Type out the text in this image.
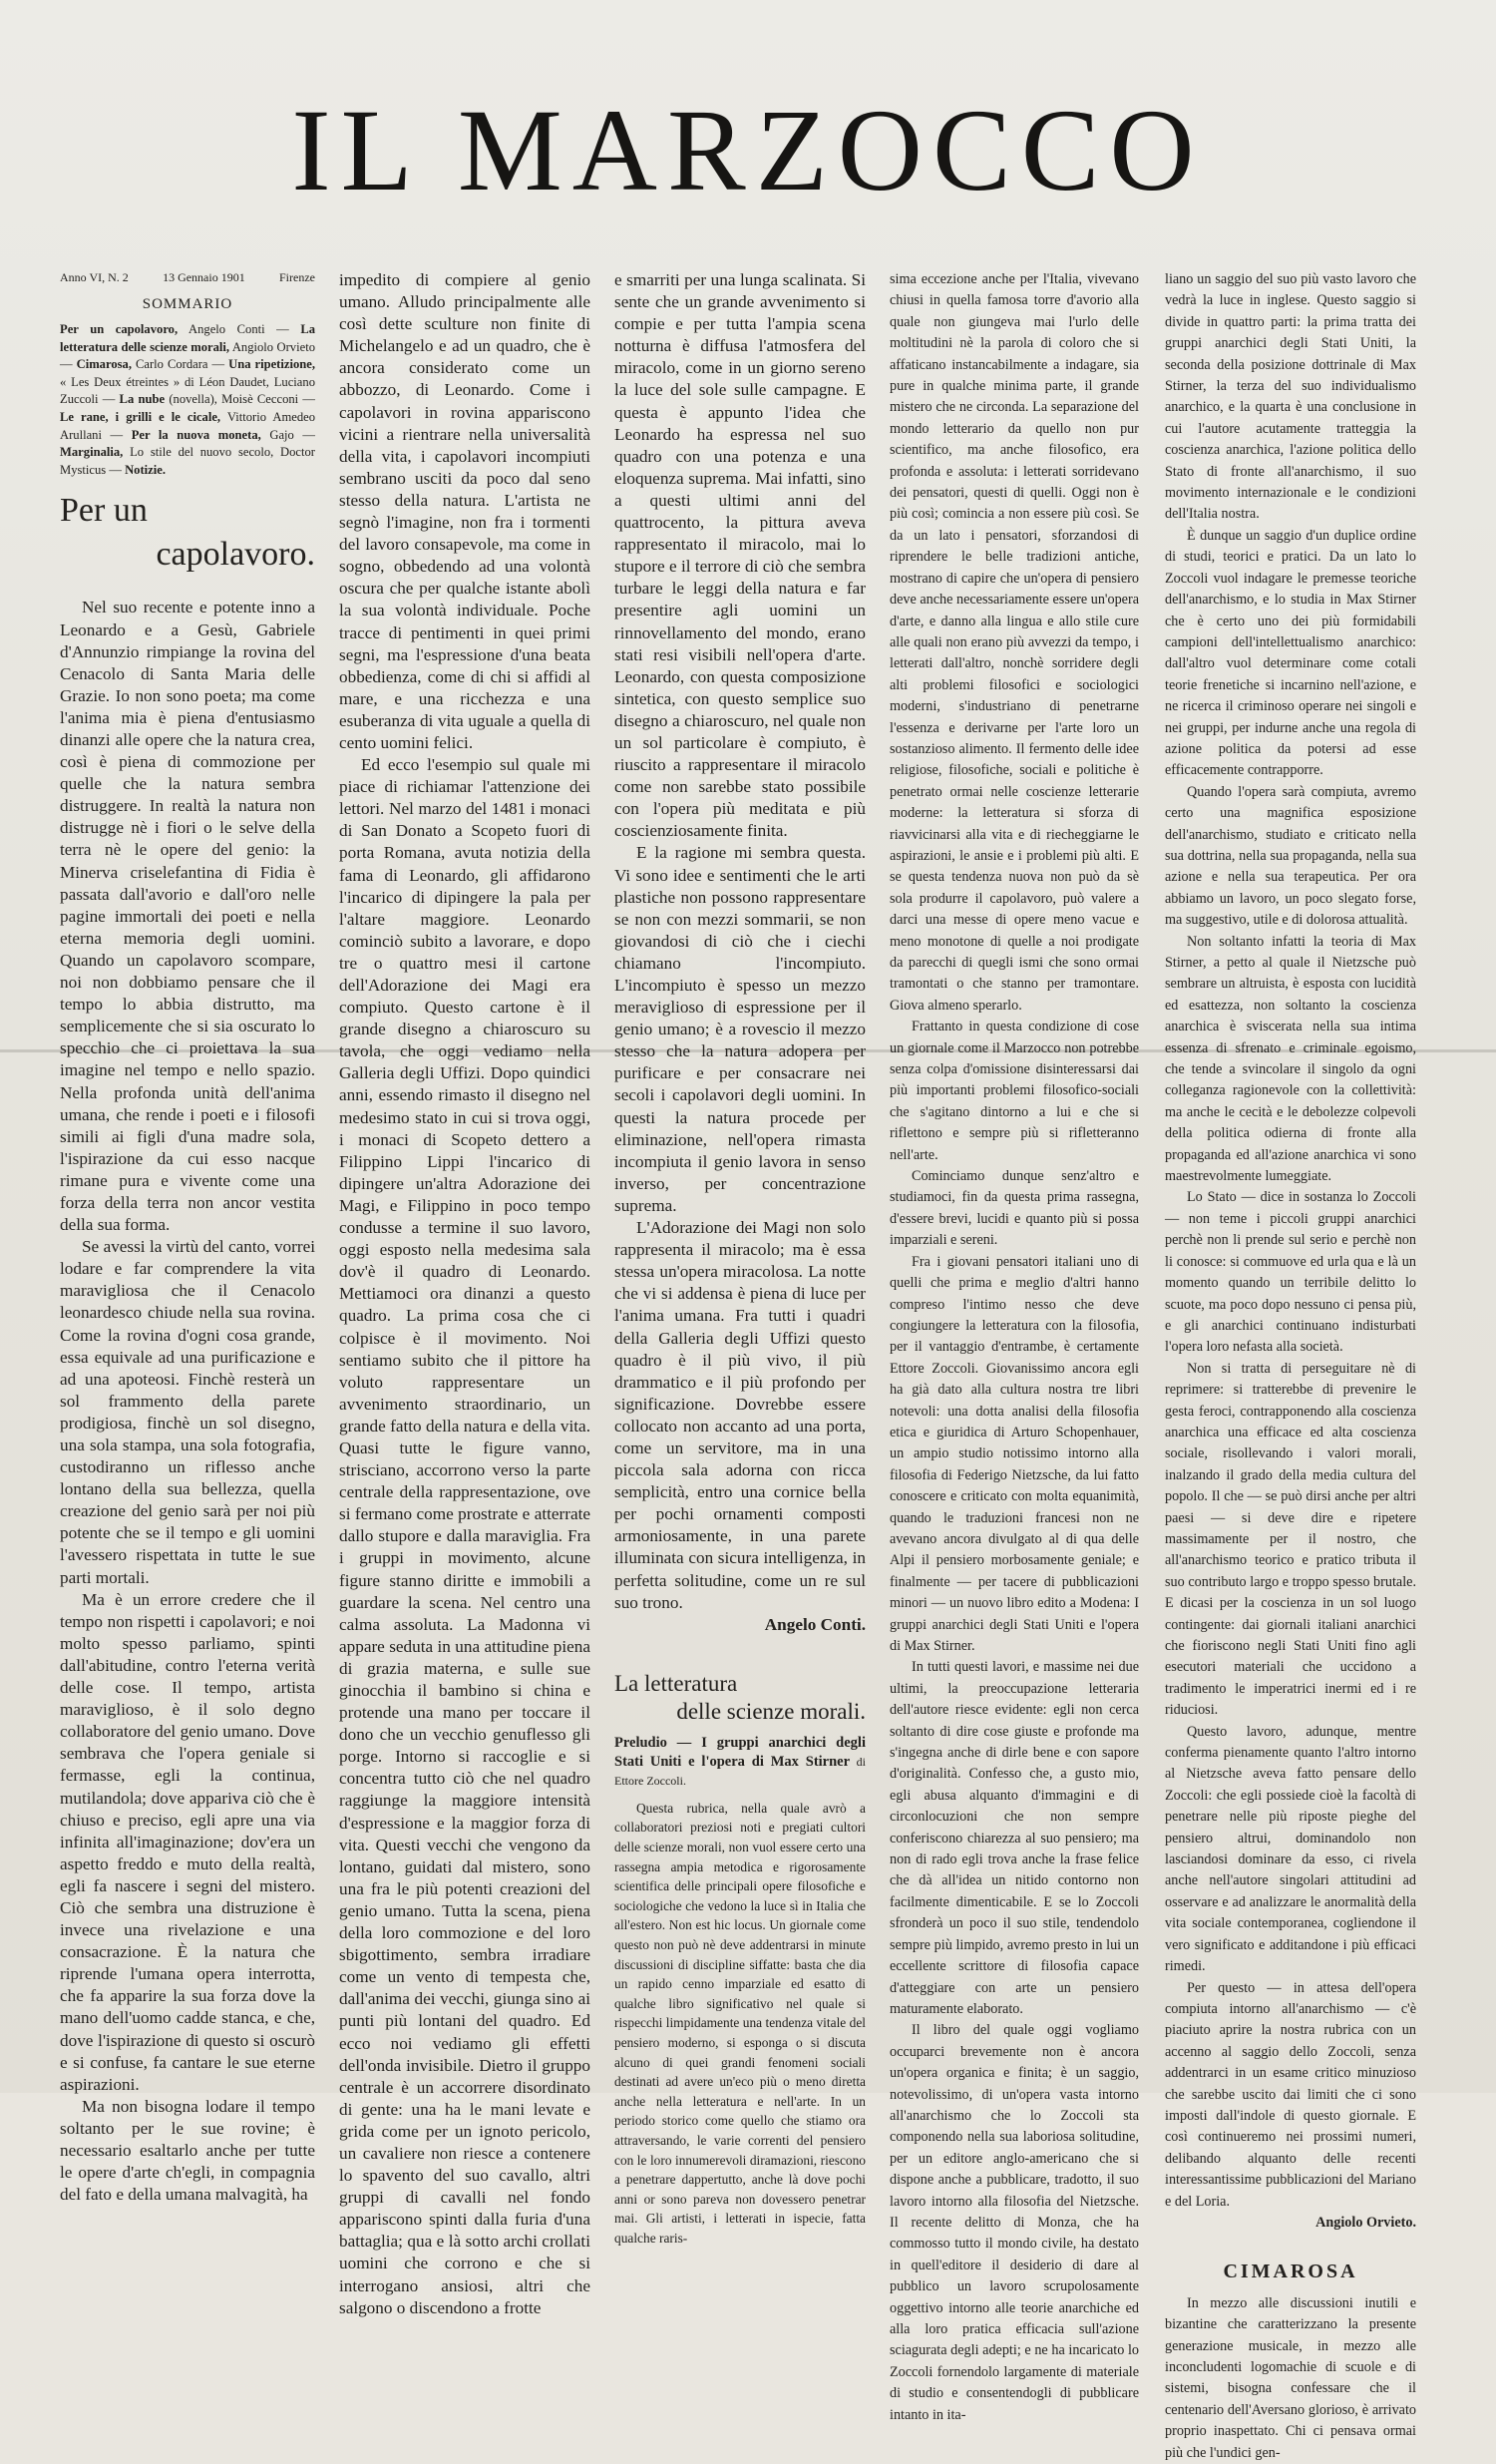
IL MARZOCCO
Anno VI, N. 2	13 Gennaio 1901	Firenze
SOMMARIO
Per un capolavoro, Angelo Conti — La letteratura delle scienze morali, Angiolo Orvieto — Cimarosa, Carlo Cordara — Una ripetizione, « Les Deux étreintes » di Léon Daudet, Luciano Zuccoli — La nube (novella), Moisè Cecconi — Le rane, i grilli e le cicale, Vittorio Amedeo Arullani — Per la nuova moneta, Gajo — Marginalia, Lo stile del nuovo secolo, Doctor Mysticus — Notizie.
Per un
capolavoro.

Nel suo recente e potente inno a Leonardo e a Gesù, Gabriele d'Annunzio rimpiange la rovina del Cenacolo di Santa Maria delle Grazie. Io non sono poeta; ma come l'anima mia è piena d'entusiasmo dinanzi alle opere che la natura crea, così è piena di commozione per quelle che la natura sembra distruggere. In realtà la natura non distrugge nè i fiori o le selve della terra nè le opere del genio: la Minerva criselefantina di Fidia è passata dall'avorio e dall'oro nelle pagine immortali dei poeti e nella eterna memoria degli uomini. Quando un capolavoro scompare, noi non dobbiamo pensare che il tempo lo abbia distrutto, ma semplicemente che si sia oscurato lo specchio che ci proiettava la sua imagine nel tempo e nello spazio. Nella profonda unità dell'anima umana, che rende i poeti e i filosofi simili ai figli d'una madre sola, l'ispirazione da cui esso nacque rimane pura e vivente come una forza della terra non ancor vestita della sua forma.

Se avessi la virtù del canto, vorrei lodare e far comprendere la vita maravigliosa che il Cenacolo leonardesco chiude nella sua rovina. Come la rovina d'ogni cosa grande, essa equivale ad una purificazione e ad una apoteosi. Finchè resterà un sol frammento della parete prodigiosa, finchè un sol disegno, una sola stampa, una sola fotografia, custodiranno un riflesso anche lontano della sua bellezza, quella creazione del genio sarà per noi più potente che se il tempo e gli uomini l'avessero rispettata in tutte le sue parti mortali.

Ma è un errore credere che il tempo non rispetti i capolavori; e noi molto spesso parliamo, spinti dall'abitudine, contro l'eterna verità delle cose. Il tempo, artista maraviglioso, è il solo degno collaboratore del genio umano. Dove sembrava che l'opera geniale si fermasse, egli la continua, mutilandola; dove appariva ciò che è chiuso e preciso, egli apre una via infinita all'imaginazione; dov'era un aspetto freddo e muto della realtà, egli fa nascere i segni del mistero. Ciò che sembra una distruzione è invece una rivelazione e una consacrazione. È la natura che riprende l'umana opera interrotta, che fa apparire la sua forza dove la mano dell'uomo cadde stanca, e che, dove l'ispirazione di questo si oscurò e si confuse, fa cantare le sue eterne aspirazioni.

Ma non bisogna lodare il tempo soltanto per le sue rovine; è necessario esaltarlo anche per tutte le opere d'arte ch'egli, in compagnia del fato e della umana malvagità, ha

impedito di compiere al genio umano. Alludo principalmente alle così dette sculture non finite di Michelangelo e ad un quadro, che è ancora considerato come un abbozzo, di Leonardo. Come i capolavori in rovina appariscono vicini a rientrare nella universalità della vita, i capolavori incompiuti sembrano usciti da poco dal seno stesso della natura. L'artista ne segnò l'imagine, non fra i tormenti del lavoro consapevole, ma come in sogno, obbedendo ad una volontà oscura che per qualche istante abolì la sua volontà individuale. Poche tracce di pentimenti in quei primi segni, ma l'espressione d'una beata obbedienza, come di chi si affidi al mare, e una ricchezza e una esuberanza di vita uguale a quella di cento uomini felici.

Ed ecco l'esempio sul quale mi piace di richiamar l'attenzione dei lettori. Nel marzo del 1481 i monaci di San Donato a Scopeto fuori di porta Romana, avuta notizia della fama di Leonardo, gli affidarono l'incarico di dipingere la pala per l'altare maggiore. Leonardo cominciò subito a lavorare, e dopo tre o quattro mesi il cartone dell'Adorazione dei Magi era compiuto. Questo cartone è il grande disegno a chiaroscuro su tavola, che oggi vediamo nella Galleria degli Uffizi. Dopo quindici anni, essendo rimasto il disegno nel medesimo stato in cui si trova oggi, i monaci di Scopeto dettero a Filippino Lippi l'incarico di dipingere un'altra Adorazione dei Magi, e Filippino in poco tempo condusse a termine il suo lavoro, oggi esposto nella medesima sala dov'è il quadro di Leonardo. Mettiamoci ora dinanzi a questo quadro. La prima cosa che ci colpisce è il movimento. Noi sentiamo subito che il pittore ha voluto rappresentare un avvenimento straordinario, un grande fatto della natura e della vita. Quasi tutte le figure vanno, strisciano, accorrono verso la parte centrale della rappresentazione, ove si fermano come prostrate e atterrate dallo stupore e dalla maraviglia. Fra i gruppi in movimento, alcune figure stanno diritte e immobili a guardare la scena. Nel centro una calma assoluta. La Madonna vi appare seduta in una attitudine piena di grazia materna, e sulle sue ginocchia il bambino si china e protende una mano per toccare il dono che un vecchio genuflesso gli porge. Intorno si raccoglie e si concentra tutto ciò che nel quadro raggiunge la maggiore intensità d'espressione e la maggior forza di vita. Questi vecchi che vengono da lontano, guidati dal mistero, sono una fra le più potenti creazioni del genio umano. Tutta la scena, piena della loro commozione e del loro sbigottimento, sembra irradiare come un vento di tempesta che, dall'anima dei vecchi, giunga sino ai punti più lontani del quadro. Ed ecco noi vediamo gli effetti dell'onda invisibile. Dietro il gruppo centrale è un accorrere disordinato di gente: una ha le mani levate e grida come per un ignoto pericolo, un cavaliere non riesce a contenere lo spavento del suo cavallo, altri gruppi di cavalli nel fondo appariscono spinti dalla furia d'una battaglia; qua e là sotto archi crollati uomini che corrono e che si interrogano ansiosi, altri che salgono o discendono a frotte

e smarriti per una lunga scalinata. Si sente che un grande avvenimento si compie e per tutta l'ampia scena notturna è diffusa l'atmosfera del miracolo, come in un giorno sereno la luce del sole sulle campagne. E questa è appunto l'idea che Leonardo ha espressa nel suo quadro con una potenza e una eloquenza suprema. Mai infatti, sino a questi ultimi anni del quattrocento, la pittura aveva rappresentato il miracolo, mai lo stupore e il terrore di ciò che sembra turbare le leggi della natura e far presentire agli uomini un rinnovellamento del mondo, erano stati resi visibili nell'opera d'arte. Leonardo, con questa composizione sintetica, con questo semplice suo disegno a chiaroscuro, nel quale non un sol particolare è compiuto, è riuscito a rappresentare il miracolo come non sarebbe stato possibile con l'opera più meditata e più coscienziosamente finita.

E la ragione mi sembra questa. Vi sono idee e sentimenti che le arti plastiche non possono rappresentare se non con mezzi sommarii, se non giovandosi di ciò che i ciechi chiamano l'incompiuto. L'incompiuto è spesso un mezzo meraviglioso di espressione per il genio umano; è a rovescio il mezzo stesso che la natura adopera per purificare e per consacrare nei secoli i capolavori degli uomini. In questi la natura procede per eliminazione, nell'opera rimasta incompiuta il genio lavora in senso inverso, per concentrazione suprema.

L'Adorazione dei Magi non solo rappresenta il miracolo; ma è essa stessa un'opera miracolosa. La notte che vi si addensa è piena di luce per l'anima umana. Fra tutti i quadri della Galleria degli Uffizi questo quadro è il più vivo, il più drammatico e il più profondo per significazione. Dovrebbe essere collocato non accanto ad una porta, come un servitore, ma in una piccola sala adorna con ricca semplicità, entro una cornice bella per pochi ornamenti composti armoniosamente, in una parete illuminata con sicura intelligenza, in perfetta solitudine, come un re sul suo trono.

Angelo Conti.

La letteratura
delle scienze morali.
Preludio — I gruppi anarchici degli Stati Uniti e l'opera di Max Stirner di Ettore Zoccoli.

Questa rubrica, nella quale avrò a collaboratori preziosi noti e pregiati cultori delle scienze morali, non vuol essere certo una rassegna ampia metodica e rigorosamente scientifica delle principali opere filosofiche e sociologiche che vedono la luce sì in Italia che all'estero. Non est hic locus. Un giornale come questo non può nè deve addentrarsi in minute discussioni di discipline siffatte: basta che dia un rapido cenno imparziale ed esatto di qualche libro significativo nel quale si rispecchi limpidamente una tendenza vitale del pensiero moderno, si esponga o si discuta alcuno di quei grandi fenomeni sociali destinati ad avere un'eco più o meno diretta anche nella letteratura e nell'arte. In un periodo storico come quello che stiamo ora attraversando, le varie correnti del pensiero con le loro innumerevoli diramazioni, riescono a penetrare dappertutto, anche là dove pochi anni or sono pareva non dovessero penetrar mai. Gli artisti, i letterati in ispecie, fatta qualche raris-

sima eccezione anche per l'Italia, vivevano chiusi in quella famosa torre d'avorio alla quale non giungeva mai l'urlo delle moltitudini nè la parola di coloro che si affaticano instancabilmente a indagare, sia pure in qualche minima parte, il grande mistero che ne circonda. La separazione del mondo letterario da quello non pur scientifico, ma anche filosofico, era profonda e assoluta: i letterati sorridevano dei pensatori, questi di quelli. Oggi non è più così; comincia a non essere più così. Se da un lato i pensatori, sforzandosi di riprendere le belle tradizioni antiche, mostrano di capire che un'opera di pensiero deve anche necessariamente essere un'opera d'arte, e danno alla lingua e allo stile cure alle quali non erano più avvezzi da tempo, i letterati dall'altro, nonchè sorridere degli alti problemi filosofici e sociologici moderni, s'industriano di penetrarne l'essenza e derivarne per l'arte loro un sostanzioso alimento. Il fermento delle idee religiose, filosofiche, sociali e politiche è penetrato ormai nelle coscienze letterarie moderne: la letteratura si sforza di riavvicinarsi alla vita e di riecheggiarne le aspirazioni, le ansie e i problemi più alti. E se questa tendenza nuova non può da sè sola produrre il capolavoro, può valere a darci una messe di opere meno vacue e meno monotone di quelle a noi prodigate da parecchi di quegli ismi che sono ormai tramontati o che stanno per tramontare. Giova almeno sperarlo.

Frattanto in questa condizione di cose un giornale come il Marzocco non potrebbe senza colpa d'omissione disinteressarsi dai più importanti problemi filosofico-sociali che s'agitano dintorno a lui e che si riflettono e sempre più si rifletteranno nell'arte.

Cominciamo dunque senz'altro e studiamoci, fin da questa prima rassegna, d'essere brevi, lucidi e quanto più si possa imparziali e sereni.

Fra i giovani pensatori italiani uno di quelli che prima e meglio d'altri hanno compreso l'intimo nesso che deve congiungere la letteratura con la filosofia, per il vantaggio d'entrambe, è certamente Ettore Zoccoli. Giovanissimo ancora egli ha già dato alla cultura nostra tre libri notevoli: una dotta analisi della filosofia etica e giuridica di Arturo Schopenhauer, un ampio studio notissimo intorno alla filosofia di Federigo Nietzsche, da lui fatto conoscere e criticato con molta equanimità, quando le traduzioni francesi non ne avevano ancora divulgato al di qua delle Alpi il pensiero morbosamente geniale; e finalmente — per tacere di pubblicazioni minori — un nuovo libro edito a Modena: I gruppi anarchici degli Stati Uniti e l'opera di Max Stirner.

In tutti questi lavori, e massime nei due ultimi, la preoccupazione letteraria dell'autore riesce evidente: egli non cerca soltanto di dire cose giuste e profonde ma s'ingegna anche di dirle bene e con sapore d'originalità. Confesso che, a gusto mio, egli abusa alquanto d'immagini e di circonlocuzioni che non sempre conferiscono chiarezza al suo pensiero; ma non di rado egli trova anche la frase felice che dà all'idea un nitido contorno non facilmente dimenticabile. E se lo Zoccoli sfronderà un poco il suo stile, tendendolo sempre più limpido, avremo presto in lui un eccellente scrittore di filosofia capace d'atteggiare con arte un pensiero maturamente elaborato.

Il libro del quale oggi vogliamo occuparci brevemente non è ancora un'opera organica e finita; è un saggio, notevolissimo, di un'opera vasta intorno all'anarchismo che lo Zoccoli sta componendo nella sua laboriosa solitudine, per un editore anglo-americano che si dispone anche a pubblicare, tradotto, il suo lavoro intorno alla filosofia del Nietzsche. Il recente delitto di Monza, che ha commosso tutto il mondo civile, ha destato in quell'editore il desiderio di dare al pubblico un lavoro scrupolosamente oggettivo intorno alle teorie anarchiche ed alla loro pratica efficacia sull'azione sciagurata degli adepti; e ne ha incaricato lo Zoccoli fornendolo largamente di materiale di studio e consentendogli di pubblicare intanto in ita-

liano un saggio del suo più vasto lavoro che vedrà la luce in inglese. Questo saggio si divide in quattro parti: la prima tratta dei gruppi anarchici degli Stati Uniti, la seconda della posizione dottrinale di Max Stirner, la terza del suo individualismo anarchico, e la quarta è una conclusione in cui l'autore acutamente tratteggia la coscienza anarchica, l'azione politica dello Stato di fronte all'anarchismo, il suo movimento internazionale e le condizioni dell'Italia nostra.

È dunque un saggio d'un duplice ordine di studi, teorici e pratici. Da un lato lo Zoccoli vuol indagare le premesse teoriche dell'anarchismo, e lo studia in Max Stirner che è certo uno dei più formidabili campioni dell'intellettualismo anarchico: dall'altro vuol determinare come cotali teorie frenetiche si incarnino nell'azione, e ne ricerca il criminoso operare nei singoli e nei gruppi, per indurne anche una regola di azione politica da potersi ad esse efficacemente contrapporre.

Quando l'opera sarà compiuta, avremo certo una magnifica esposizione dell'anarchismo, studiato e criticato nella sua dottrina, nella sua propaganda, nella sua azione e nella sua terapeutica. Per ora abbiamo un lavoro, un poco slegato forse, ma suggestivo, utile e di dolorosa attualità.

Non soltanto infatti la teoria di Max Stirner, a petto al quale il Nietzsche può sembrare un altruista, è esposta con lucidità ed esattezza, non soltanto la coscienza anarchica è sviscerata nella sua intima essenza di sfrenato e criminale egoismo, che tende a svincolare il singolo da ogni colleganza ragionevole con la collettività: ma anche le cecità e le debolezze colpevoli della politica odierna di fronte alla propaganda ed all'azione anarchica vi sono maestrevolmente lumeggiate.

Lo Stato — dice in sostanza lo Zoccoli — non teme i piccoli gruppi anarchici perchè non li prende sul serio e perchè non li conosce: si commuove ed urla qua e là un momento quando un terribile delitto lo scuote, ma poco dopo nessuno ci pensa più, e gli anarchici continuano indisturbati l'opera loro nefasta alla società.

Non si tratta di perseguitare nè di reprimere: si tratterebbe di prevenire le gesta feroci, contrapponendo alla coscienza anarchica una efficace ed alta coscienza sociale, risollevando i valori morali, inalzando il grado della media cultura del popolo. Il che — se può dirsi anche per altri paesi — si deve dire e ripetere massimamente per il nostro, che all'anarchismo teorico e pratico tributa il suo contributo largo e troppo spesso brutale. E dicasi per la coscienza in un sol luogo contingente: dai giornali italiani anarchici che fioriscono negli Stati Uniti fino agli esecutori materiali che uccidono a tradimento le imperatrici inermi ed i re riduciosi.

Questo lavoro, adunque, mentre conferma pienamente quanto l'altro intorno al Nietzsche aveva fatto pensare dello Zoccoli: che egli possiede cioè la facoltà di penetrare nelle più riposte pieghe del pensiero altrui, dominandolo non lasciandosi dominare da esso, ci rivela anche nell'autore singolari attitudini ad osservare e ad analizzare le anormalità della vita sociale contemporanea, cogliendone il vero significato e additandone i più efficaci rimedi.

Per questo — in attesa dell'opera compiuta intorno all'anarchismo — c'è piaciuto aprire la nostra rubrica con un accenno al saggio dello Zoccoli, senza addentrarci in un esame critico minuzioso che sarebbe uscito dai limiti che ci sono imposti dall'indole di questo giornale. E così continueremo nei prossimi numeri, delibando alquanto delle recenti interessantissime pubblicazioni del Mariano e del Loria.

Angiolo Orvieto.

CIMAROSA

In mezzo alle discussioni inutili e bizantine che caratterizzano la presente generazione musicale, in mezzo alle inconcludenti logomachie di scuole e di sistemi, bisogna confessare che il centenario dell'Aversano glorioso, è arrivato proprio inaspettato. Chi ci pensava ormai più che l'undici gen-
